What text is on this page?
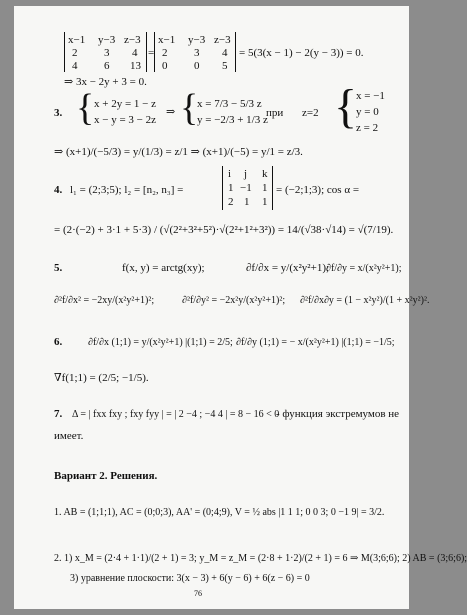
x−1 y−3 z−3
2 3 4
4 6 13
=
x−1 y−3 z−3
2 3 4
0 0 5
= 5(3(x − 1) − 2(y − 3)) = 0.
⇒ 3x − 2y + 3 = 0.
3. { x + 2y = 1 − z
x − y = 3 − 2z
⇒ {
x = 7/3 − 5/3 z
y = −2/3 + 1/3 z
при z=2 {
x = −1
y = 0
z = 2
⇒ (x+1)/(−5/3) = y/(1/3) = z/1 ⇒ (x+1)/(−5) = y/1 = z/3.
4. l₁ = (2;3;5); l₂ = [n₂, n₃] =
i j k
1 −1 1
2 1 1
= (−2;1;3); cos α =
= (2·(−2) + 3·1 + 5·3) / (√(2²+3²+5²)·√(2²+1²+3²)) = 14/(√38·√14) = √(7/19).
5.	f(x, y) = arctg(xy);	∂f/∂x = y/(x²y²+1);
∂f/∂y = x/(x²y²+1);
∂²f/∂x² = −2xy/(x²y²+1)²;	∂²f/∂y² = −2x²y/(x²y²+1)²; ∂²f/∂x∂y = (1 − x²y²)/(1 + x²y²)².
6.	∂f/∂x (1;1) = y/(x²y²+1) |(1;1) = 2/5; ∂f/∂y (1;1) = − x/(x²y²+1) |(1;1) = −1/5;
∇f(1;1) = (2/5; −1/5).
7. Δ = | fxx fxy ; fxy fyy | = | 2 −4 ; −4 4 | = 8 − 16 < 0
- функция экстремумов не
имеет.
Вариант 2. Решения.
1. AB = (1;1;1), AC = (0;0;3), AA' = (0;4;9), V = ½ abs |1 1 1; 0 0 3; 0 −1 9| = 3/2.
2. 1) x_M = (2·4 + 1·1)/(2 + 1) = 3; y_M = z_M = (2·8 + 1·2)/(2 + 1) = 6 ⇒ M(3;6;6); 2) AB = (3;6;6);
3) уравнение плоскости: 3(x − 3) + 6(y − 6) + 6(z − 6) = 0
76
